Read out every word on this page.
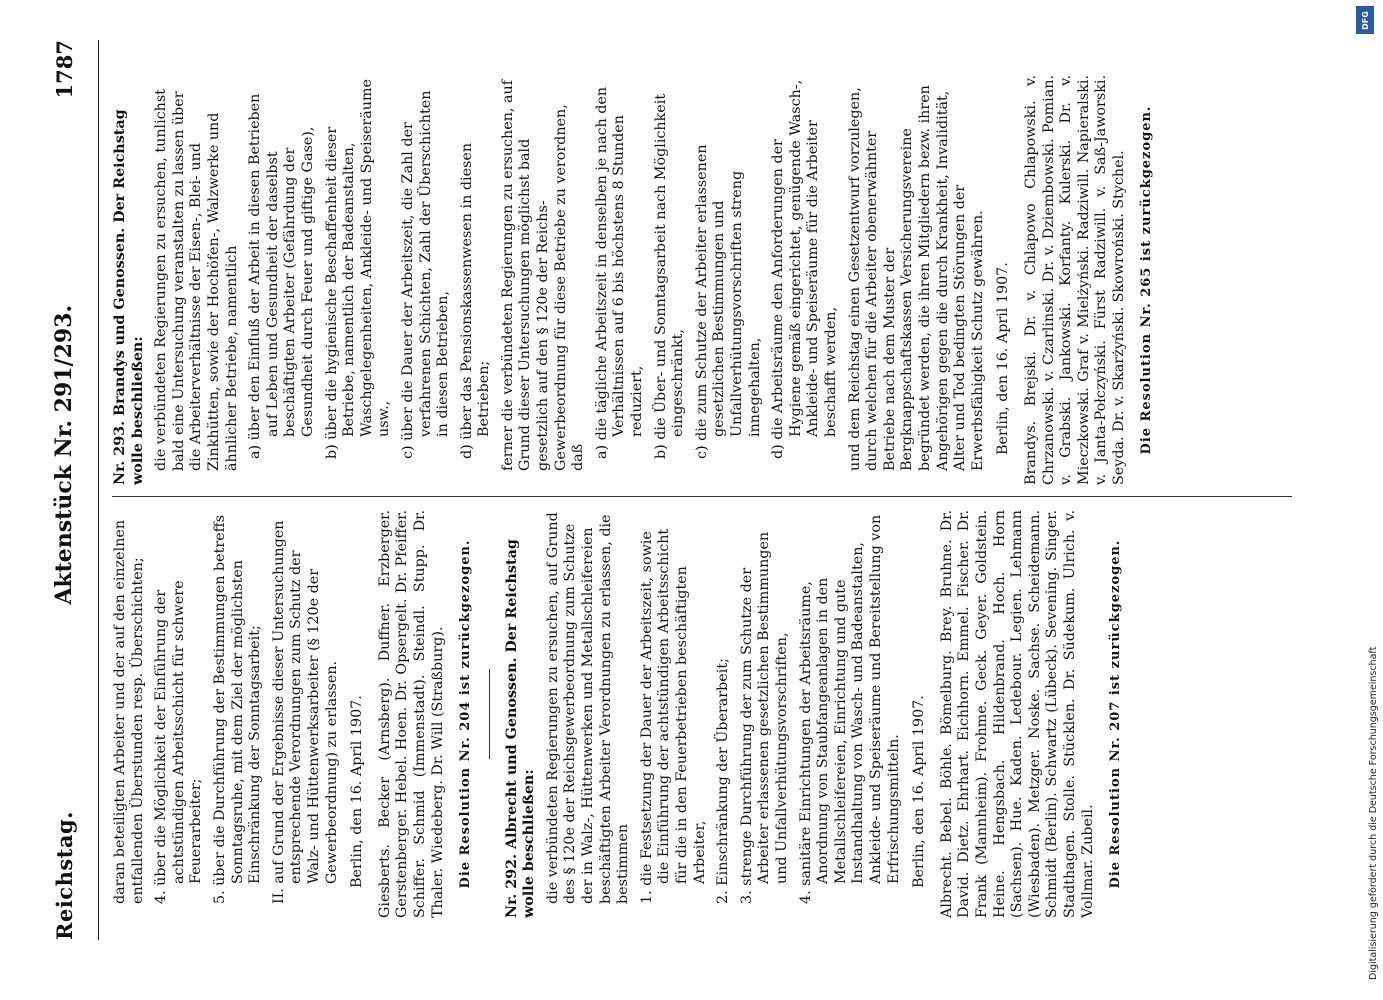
Reichstag.
Aktenstück Nr. 291/293.
1787

daran beteiligten Arbeiter und der auf den einzelnen entfallenden Überstunden resp. Überschichten; 4. über die Möglichkeit der Einführung der achtstündigen Arbeitsschicht für schwere Feuerarbeiter; 5. über die Durchführung der Bestimmungen betreffs Sonntagsruhe, mit dem Ziel der möglichsten Einschränkung der Sonntagsarbeit; II. auf Grund der Ergebnisse dieser Untersuchungen entsprechende Verordnungen zum Schutz der Walz- und Hüttenwerksarbeiter (§ 120e der Gewerbeordnung) zu erlassen. Berlin, den 16. April 1907. Giesberts. Becker (Arnsberg). Duffner. Erzberger. Gerstenberger. Hebel. Hoen. Dr. Opsergelt. Dr. Pfeiffer. Schiffer. Schmid (Immenstadt). Steindl. Stupp. Dr. Thaler. Wiedeberg. Dr. Will (Straßburg). Die Resolution Nr. 204 ist zurückgezogen. Nr. 292. Albrecht und Genossen. Der Reichstag wolle beschließen: die verbündeten Regierungen zu ersuchen, auf Grund des § 120e der Reichsgewerbeordnung zum Schutze der in Walz-, Hüttenwerken und Metallschleifereien beschäftigten Arbeiter Verordnungen zu erlassen, die bestimmen 1. die Festsetzung der Dauer der Arbeitszeit, sowie die Einführung der achtstündigen Arbeitsschicht für die in den Feuerbetrieben beschäftigten Arbeiter, 2. Einschränkung der Überarbeit; 3. strenge Durchführung der zum Schutze der Arbeiter erlassenen gesetzlichen Bestimmungen und Unfallverhütungsvorschriften, 4. sanitäre Einrichtungen der Arbeitsräume, Anordnung von Staubfangeanlagen in den Metallschleifereien, Einrichtung und gute Instandhaltung von Wasch- und Badeanstalten, Ankleide- und Speiseräume und Bereitstellung von Erfrischungsmitteln. Berlin, den 16. April 1907. Albrecht. Bebel. Böhle. Bömelburg. Brey. Bruhne. Dr. David. Dietz. Ehrhart. Eichhorn. Emmel. Fischer. Dr. Frank (Mannheim). Frohme. Geck. Geyer. Goldstein. Heine. Hengsbach. Hildenbrand. Hoch. Horn (Sachsen). Hue. Kaden. Ledebour. Legien. Lehmann (Wiesbaden). Metzger. Noske. Sachse. Scheidemann. Schmidt (Berlin). Schwartz (Lübeck). Sevening. Singer. Stadthagen. Stolle. Stücklen. Dr. Südekum. Ulrich. v. Vollmar. Zubeil. Die Resolution Nr. 207 ist zurückgezogen.

Nr. 293. Brandys und Genossen. Der Reichstag wolle beschließen: die verbündeten Regierungen zu ersuchen, tunlichst bald eine Untersuchung veranstalten zu lassen über die Arbeiterverhältnisse der Eisen-, Blei- und Zinkhütten, sowie der Hochöfen-, Walzwerke und ähnlicher Betriebe, namentlich a) über den Einfluß der Arbeit in diesen Betrieben auf Leben und Gesundheit der daselbst beschäftigten Arbeiter (Gefährdung der Gesundheit durch Feuer und giftige Gase), b) über die hygienische Beschaffenheit dieser Betriebe, namentlich der Badeanstalten, Waschgelegenheiten, Ankleide- und Speiseräume usw., c) über die Dauer der Arbeitszeit, die Zahl der verfahrenen Schichten, Zahl der Überschichten in diesen Betrieben, d) über das Pensionskassenwesen in diesen Betrieben; ferner die verbündeten Regierungen zu ersuchen, auf Grund dieser Untersuchungen möglichst bald gesetzlich auf den § 120e der Reichs-Gewerbeordnung für diese Betriebe zu verordnen, daß a) die tägliche Arbeitszeit in denselben je nach den Verhältnissen auf 6 bis höchstens 8 Stunden reduziert, b) die Über- und Sonntagsarbeit nach Möglichkeit eingeschränkt, c) die zum Schutze der Arbeiter erlassenen gesetzlichen Bestimmungen und Unfallverhütungsvorschriften streng innegehalten, d) die Arbeitsräume den Anforderungen der Hygiene gemäß eingerichtet, genügende Wasch-, Ankleide- und Speiseräume für die Arbeiter beschafft werden, und dem Reichstag einen Gesetzentwurf vorzulegen, durch welchen für die Arbeiter obenerwähnter Betriebe nach dem Muster der Bergknappschaftskassen Versicherungsvereine begründet werden, die ihren Mitgliedern bezw. ihren Angehörigen gegen die durch Krankheit, Invalidität, Alter und Tod bedingten Störungen der Erwerbsfähigkeit Schutz gewähren. Berlin, den 16. April 1907. Brandys. Brejski. Dr. v. Chlapowo Chlapowski. v. Chrzanowski. v. Czarlinski. Dr. v. Dziembowski. Pomian. v. Grabski. Jankowski. Korfanty. Kulerski. Dr. v. Mieczkowski. Graf v. Mielżyński. Radziwill. Napieralski. v. Janta-Połczyński. Fürst Radziwill. v. Saß-Jaworski. Seyda. Dr. v. Skarżyński. Skowroński. Stychel. Die Resolution Nr. 265 ist zurückgezogen.

DFG
Digitalisierung gefördert durch die Deutsche Forschungsgemeinschaft
